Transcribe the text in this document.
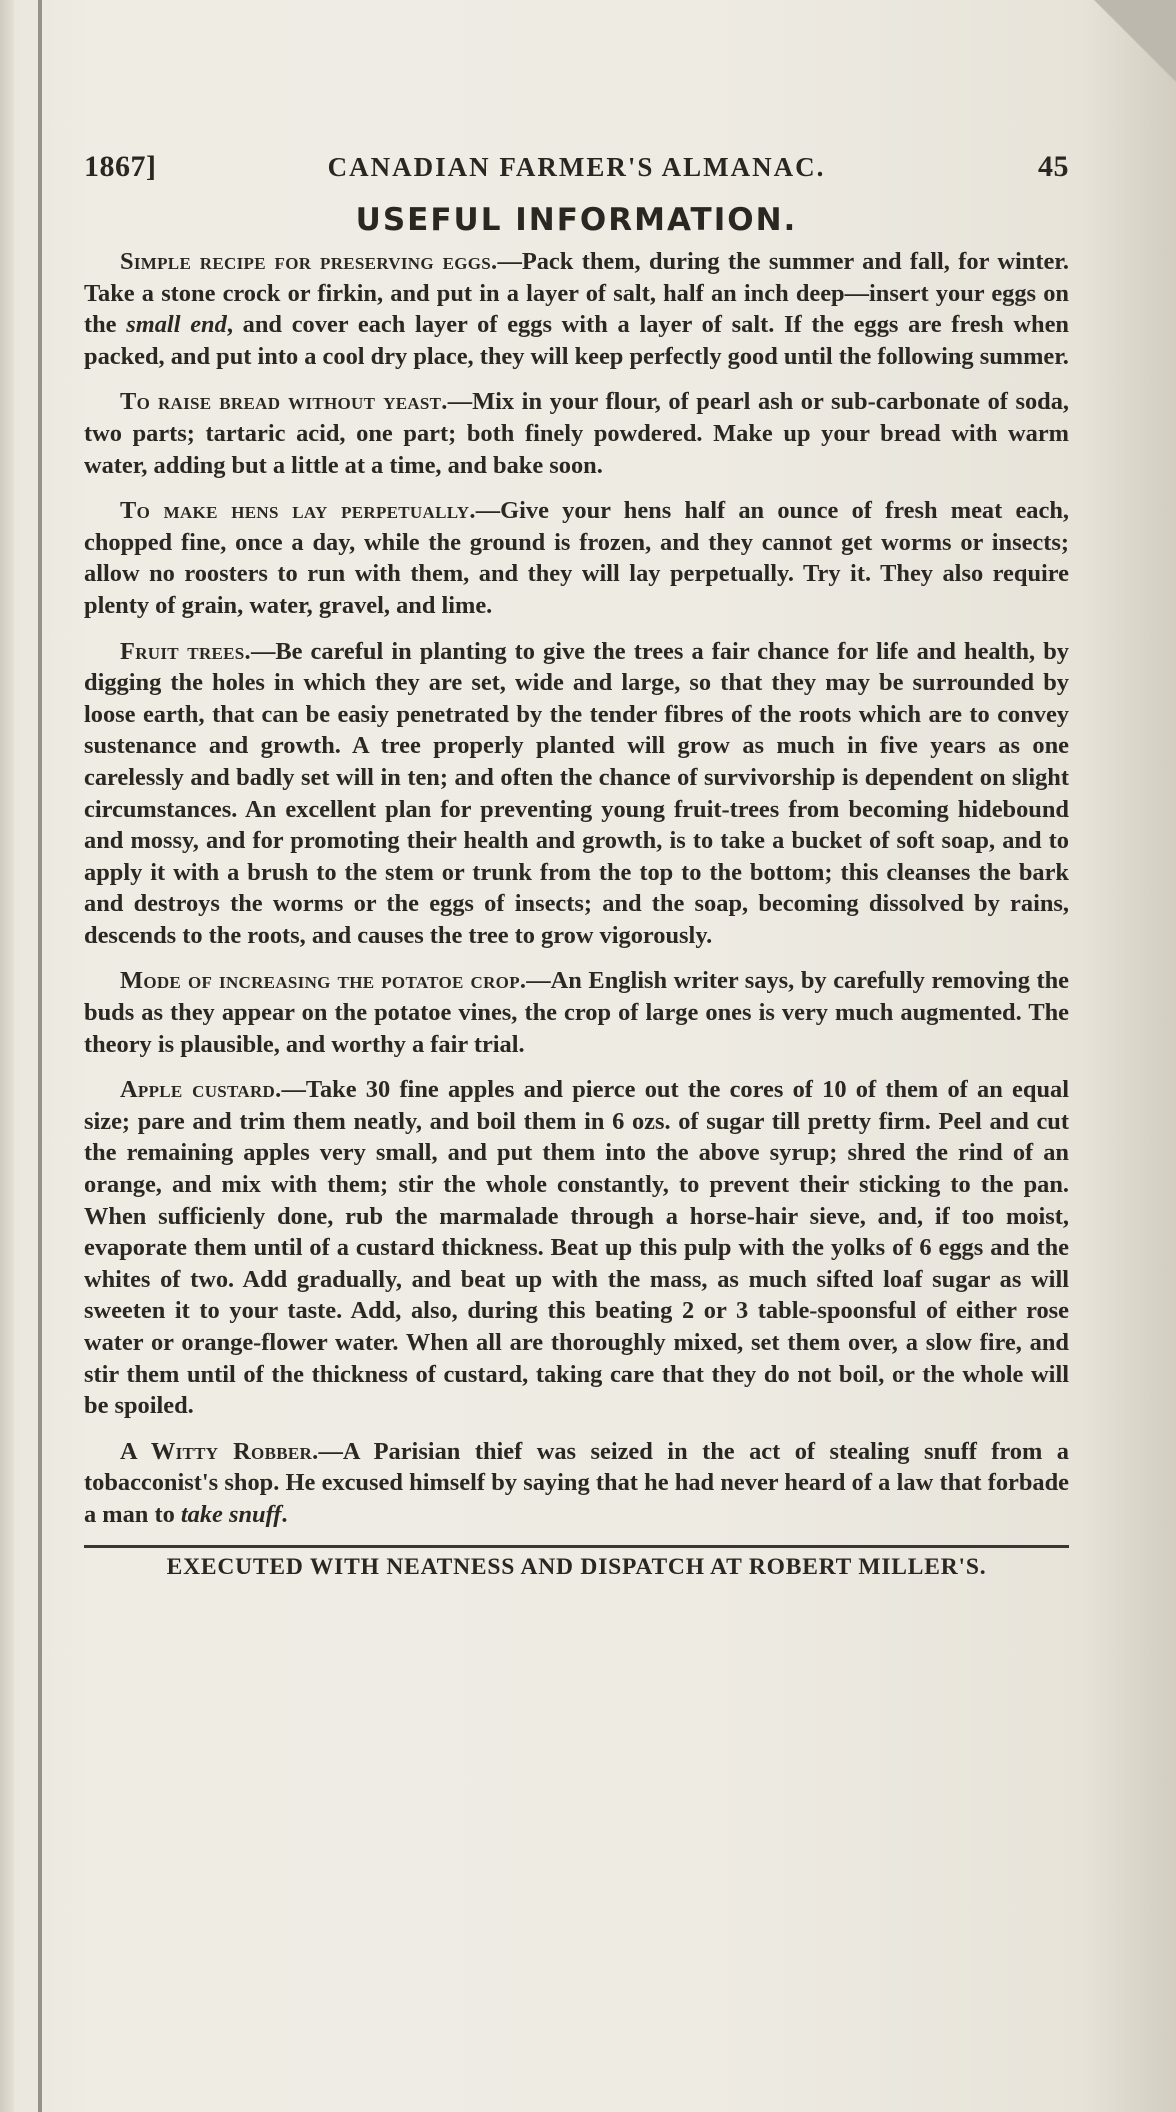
1867]	CANADIAN FARMER'S ALMANAC.	45
USEFUL INFORMATION.

Simple recipe for preserving eggs.—Pack them, during the summer and fall, for winter. Take a stone crock or firkin, and put in a layer of salt, half an inch deep—insert your eggs on the small end, and cover each layer of eggs with a layer of salt. If the eggs are fresh when packed, and put into a cool dry place, they will keep perfectly good until the following summer.

To raise bread without yeast.—Mix in your flour, of pearl ash or sub-carbonate of soda, two parts; tartaric acid, one part; both finely powdered. Make up your bread with warm water, adding but a little at a time, and bake soon.

To make hens lay perpetually.—Give your hens half an ounce of fresh meat each, chopped fine, once a day, while the ground is frozen, and they cannot get worms or insects; allow no roosters to run with them, and they will lay perpetually. Try it. They also require plenty of grain, water, gravel, and lime.

Fruit trees.—Be careful in planting to give the trees a fair chance for life and health, by digging the holes in which they are set, wide and large, so that they may be surrounded by loose earth, that can be easiy penetrated by the tender fibres of the roots which are to convey sustenance and growth. A tree properly planted will grow as much in five years as one carelessly and badly set will in ten; and often the chance of survivorship is dependent on slight circumstances. An excellent plan for preventing young fruit-trees from becoming hidebound and mossy, and for promoting their health and growth, is to take a bucket of soft soap, and to apply it with a brush to the stem or trunk from the top to the bottom; this cleanses the bark and destroys the worms or the eggs of insects; and the soap, becoming dissolved by rains, descends to the roots, and causes the tree to grow vigorously.

Mode of increasing the potatoe crop.—An English writer says, by carefully removing the buds as they appear on the potatoe vines, the crop of large ones is very much augmented. The theory is plausible, and worthy a fair trial.

Apple custard.—Take 30 fine apples and pierce out the cores of 10 of them of an equal size; pare and trim them neatly, and boil them in 6 ozs. of sugar till pretty firm. Peel and cut the remaining apples very small, and put them into the above syrup; shred the rind of an orange, and mix with them; stir the whole constantly, to prevent their sticking to the pan. When sufficienly done, rub the marmalade through a horse-hair sieve, and, if too moist, evaporate them until of a custard thickness. Beat up this pulp with the yolks of 6 eggs and the whites of two. Add gradually, and beat up with the mass, as much sifted loaf sugar as will sweeten it to your taste. Add, also, during this beating 2 or 3 table-spoonsful of either rose water or orange-flower water. When all are thoroughly mixed, set them over, a slow fire, and stir them until of the thickness of custard, taking care that they do not boil, or the whole will be spoiled.

A Witty Robber.—A Parisian thief was seized in the act of stealing snuff from a tobacconist's shop. He excused himself by saying that he had never heard of a law that forbade a man to take snuff.

EXECUTED WITH NEATNESS AND DISPATCH AT ROBERT MILLER'S.
